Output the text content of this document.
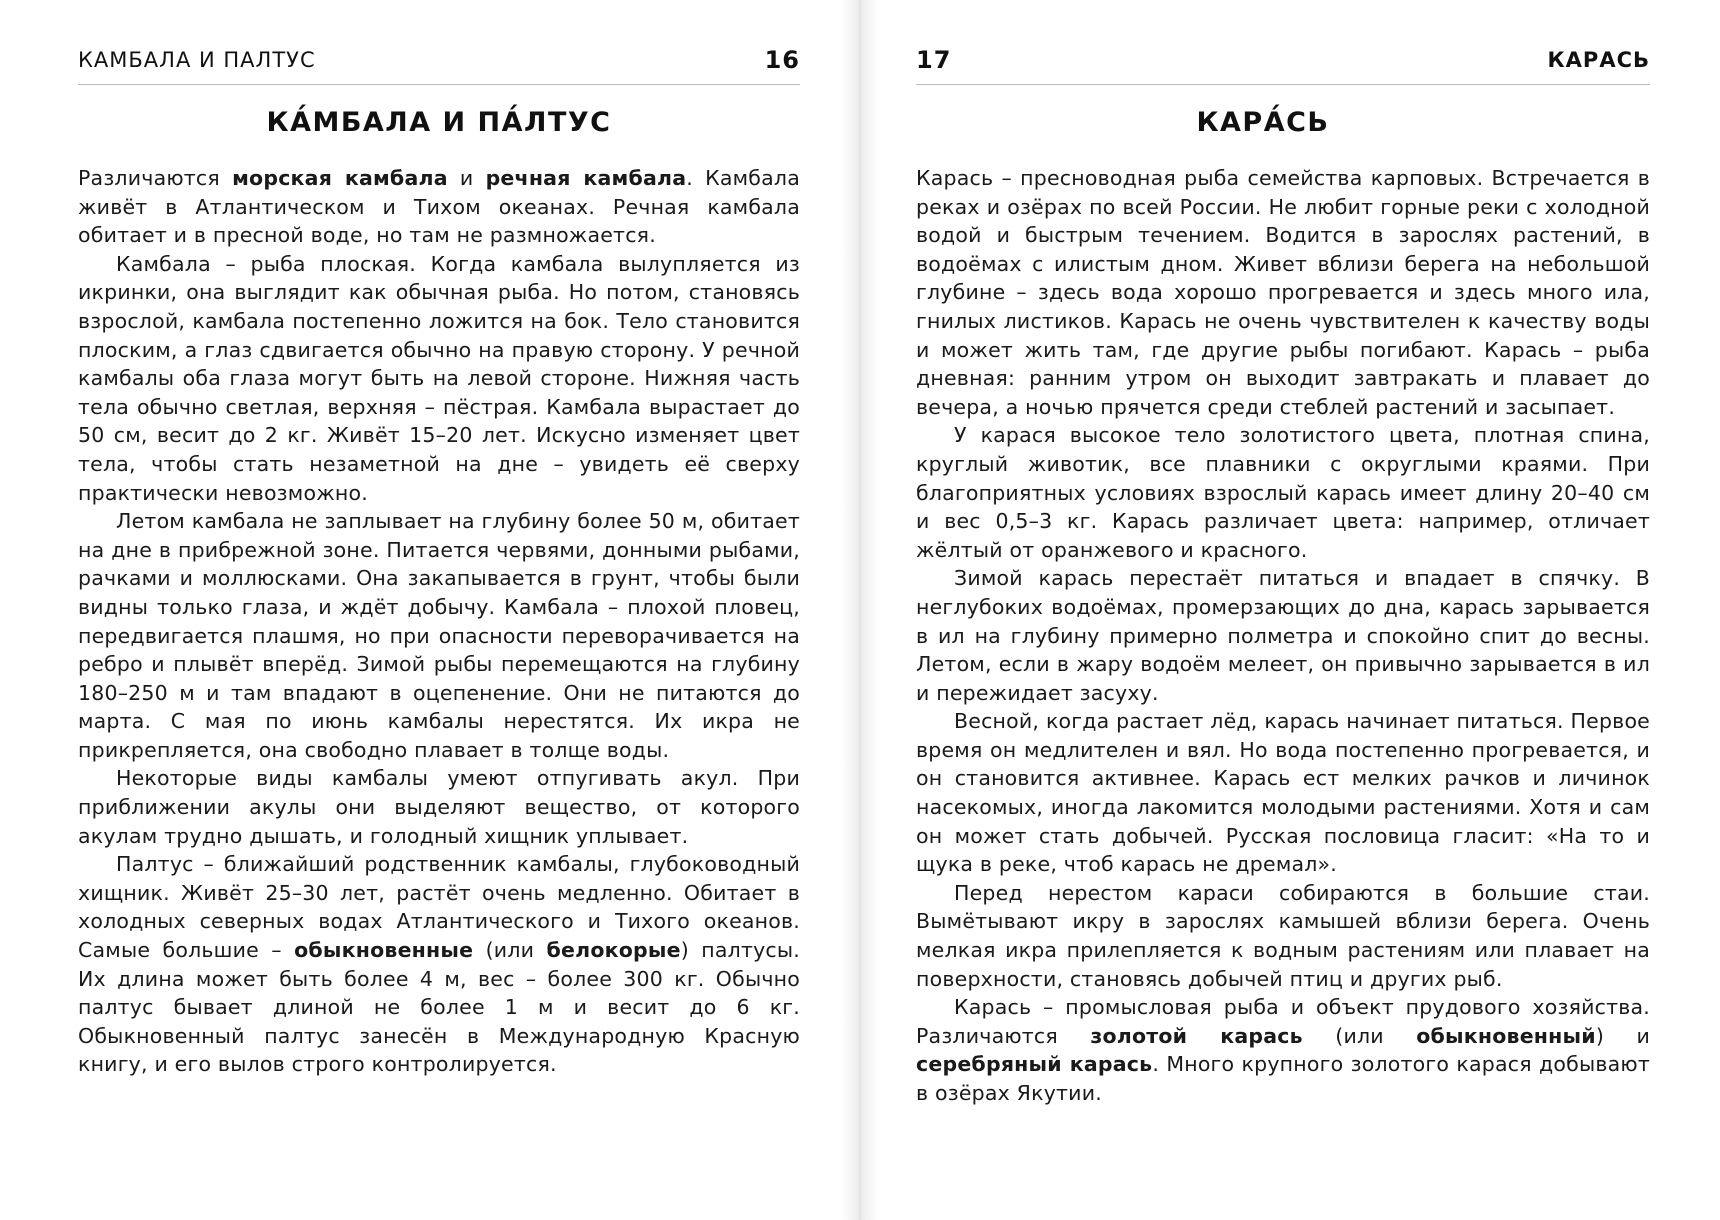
КАМБАЛА И ПАЛТУС	16
КА́МБАЛА И ПА́ЛТУС

Различаются морская камбала и речная камбала. Камбала живёт в Атлантическом и Тихом океанах. Речная камбала обитает и в пресной воде, но там не размножается.

Камбала – рыба плоская. Когда камбала вылупляется из икринки, она выглядит как обычная рыба. Но потом, становясь взрослой, камбала постепенно ложится на бок. Тело становится плоским, а глаз сдвигается обычно на правую сторону. У речной камбалы оба глаза могут быть на левой стороне. Нижняя часть тела обычно светлая, верхняя – пёстрая. Камбала вырастает до 50 см, весит до 2 кг. Живёт 15–20 лет. Искусно изменяет цвет тела, чтобы стать незаметной на дне – увидеть её сверху практически невозможно.

Летом камбала не заплывает на глубину более 50 м, обитает на дне в прибрежной зоне. Питается червями, донными рыбами, рачками и моллюсками. Она закапывается в грунт, чтобы были видны только глаза, и ждёт добычу. Камбала – плохой пловец, передвигается плашмя, но при опасности переворачивается на ребро и плывёт вперёд. Зимой рыбы перемещаются на глубину 180–250 м и там впадают в оцепенение. Они не питаются до марта. С мая по июнь камбалы нерестятся. Их икра не прикрепляется, она свободно плавает в толще воды.

Некоторые виды камбалы умеют отпугивать акул. При приближении акулы они выделяют вещество, от которого акулам трудно дышать, и голодный хищник уплывает.

Палтус – ближайший родственник камбалы, глубоководный хищник. Живёт 25–30 лет, растёт очень медленно. Обитает в холодных северных водах Атлантического и Тихого океанов. Самые большие – обыкновенные (или белокорые) палтусы. Их длина может быть более 4 м, вес – более 300 кг. Обычно палтус бывает длиной не более 1 м и весит до 6 кг. Обыкновенный палтус занесён в Международную Красную книгу, и его вылов строго контролируется.

17	КАРАСЬ
КАРА́СЬ

Карась – пресноводная рыба семейства карповых. Встречается в реках и озёрах по всей России. Не любит горные реки с холодной водой и быстрым течением. Водится в зарослях растений, в водоёмах с илистым дном. Живет вблизи берега на небольшой глубине – здесь вода хорошо прогревается и здесь много ила, гнилых листиков. Карась не очень чувствителен к качеству воды и может жить там, где другие рыбы погибают. Карась – рыба дневная: ранним утром он выходит завтракать и плавает до вечера, а ночью прячется среди стеблей растений и засыпает.

У карася высокое тело золотистого цвета, плотная спина, круглый животик, все плавники с округлыми краями. При благоприятных условиях взрослый карась имеет длину 20–40 см и вес 0,5–3 кг. Карась различает цвета: например, отличает жёлтый от оранжевого и красного.

Зимой карась перестаёт питаться и впадает в спячку. В неглубоких водоёмах, промерзающих до дна, карась зарывается в ил на глубину примерно полметра и спокойно спит до весны. Летом, если в жару водоём мелеет, он привычно зарывается в ил и пережидает засуху.

Весной, когда растает лёд, карась начинает питаться. Первое время он медлителен и вял. Но вода постепенно прогревается, и он становится активнее. Карась ест мелких рачков и личинок насекомых, иногда лакомится молодыми растениями. Хотя и сам он может стать добычей. Русская пословица гласит: «На то и щука в реке, чтоб карась не дремал».

Перед нерестом караси собираются в большие стаи. Вымётывают икру в зарослях камышей вблизи берега. Очень мелкая икра прилепляется к водным растениям или плавает на поверхности, становясь добычей птиц и других рыб.

Карась – промысловая рыба и объект прудового хозяйства. Различаются золотой карась (или обыкновенный) и серебряный карась. Много крупного золотого карася добывают в озёрах Якутии.
